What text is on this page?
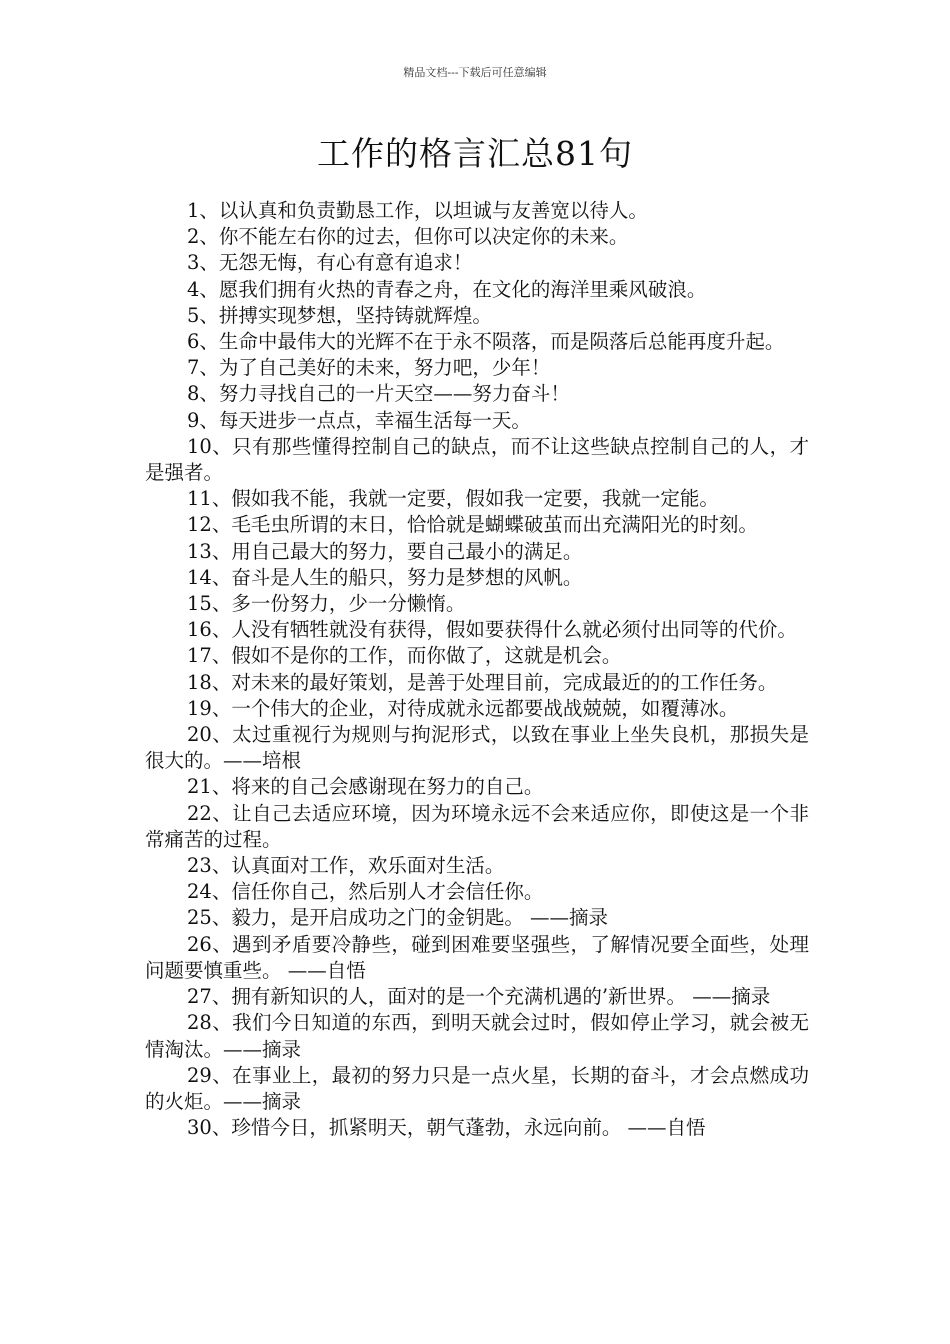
精品文档---下载后可任意编辑
工作的格言汇总81句
1、以认真和负责勤恳工作，以坦诚与友善宽以待人。
2、你不能左右你的过去，但你可以决定你的未来。
3、无怨无悔，有心有意有追求！
4、愿我们拥有火热的青春之舟，在文化的海洋里乘风破浪。
5、拼搏实现梦想，坚持铸就辉煌。
6、生命中最伟大的光辉不在于永不陨落，而是陨落后总能再度升起。
7、为了自己美好的未来，努力吧，少年！
8、努力寻找自己的一片天空——努力奋斗！
9、每天进步一点点，幸福生活每一天。
10、只有那些懂得控制自己的缺点，而不让这些缺点控制自己的人，才是强者。
11、假如我不能，我就一定要，假如我一定要，我就一定能。
12、毛毛虫所谓的末日，恰恰就是蝴蝶破茧而出充满阳光的时刻。
13、用自己最大的努力，要自己最小的满足。
14、奋斗是人生的船只，努力是梦想的风帆。
15、多一份努力，少一分懒惰。
16、人没有牺牲就没有获得，假如要获得什么就必须付出同等的代价。
17、假如不是你的工作，而你做了，这就是机会。
18、对未来的最好策划，是善于处理目前，完成最近的的工作任务。
19、一个伟大的企业，对待成就永远都要战战兢兢，如覆薄冰。
20、太过重视行为规则与拘泥形式，以致在事业上坐失良机，那损失是很大的。——培根
21、将来的自己会感谢现在努力的自己。
22、让自己去适应环境，因为环境永远不会来适应你，即使这是一个非常痛苦的过程。
23、认真面对工作，欢乐面对生活。
24、信任你自己，然后别人才会信任你。
25、毅力，是开启成功之门的金钥匙。 ——摘录
26、遇到矛盾要冷静些，碰到困难要坚强些，了解情况要全面些，处理问题要慎重些。 ——自悟
27、拥有新知识的人，面对的是一个充满机遇的’新世界。 ——摘录
28、我们今日知道的东西，到明天就会过时，假如停止学习，就会被无情淘汰。——摘录
29、在事业上，最初的努力只是一点火星，长期的奋斗，才会点燃成功的火炬。——摘录
30、珍惜今日，抓紧明天，朝气蓬勃，永远向前。 ——自悟
